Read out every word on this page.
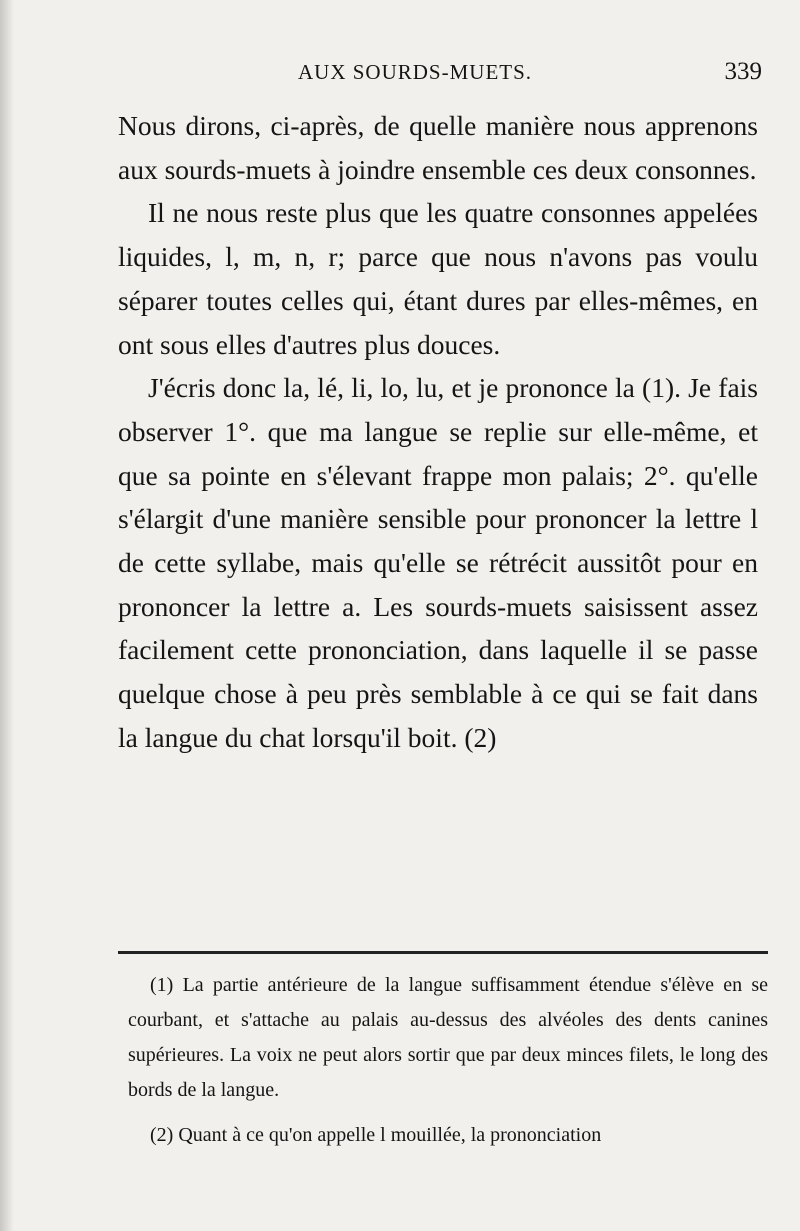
AUX SOURDS-MUETS.	339

Nous dirons, ci-après, de quelle manière nous apprenons aux sourds-muets à joindre ensemble ces deux consonnes.

Il ne nous reste plus que les quatre consonnes appelées liquides, l, m, n, r; parce que nous n'avons pas voulu séparer toutes celles qui, étant dures par elles-mêmes, en ont sous elles d'autres plus douces.

J'écris donc la, lé, li, lo, lu, et je prononce la (1). Je fais observer 1°. que ma langue se replie sur elle-même, et que sa pointe en s'élevant frappe mon palais; 2°. qu'elle s'élargit d'une manière sensible pour prononcer la lettre l de cette syllabe, mais qu'elle se rétrécit aussitôt pour en prononcer la lettre a. Les sourds-muets saisissent assez facilement cette prononciation, dans laquelle il se passe quelque chose à peu près semblable à ce qui se fait dans la langue du chat lorsqu'il boit. (2)

(1) La partie antérieure de la langue suffisamment étendue s'élève en se courbant, et s'attache au palais au-dessus des alvéoles des dents canines supérieures. La voix ne peut alors sortir que par deux minces filets, le long des bords de la langue.

(2) Quant à ce qu'on appelle l mouillée, la prononciation
